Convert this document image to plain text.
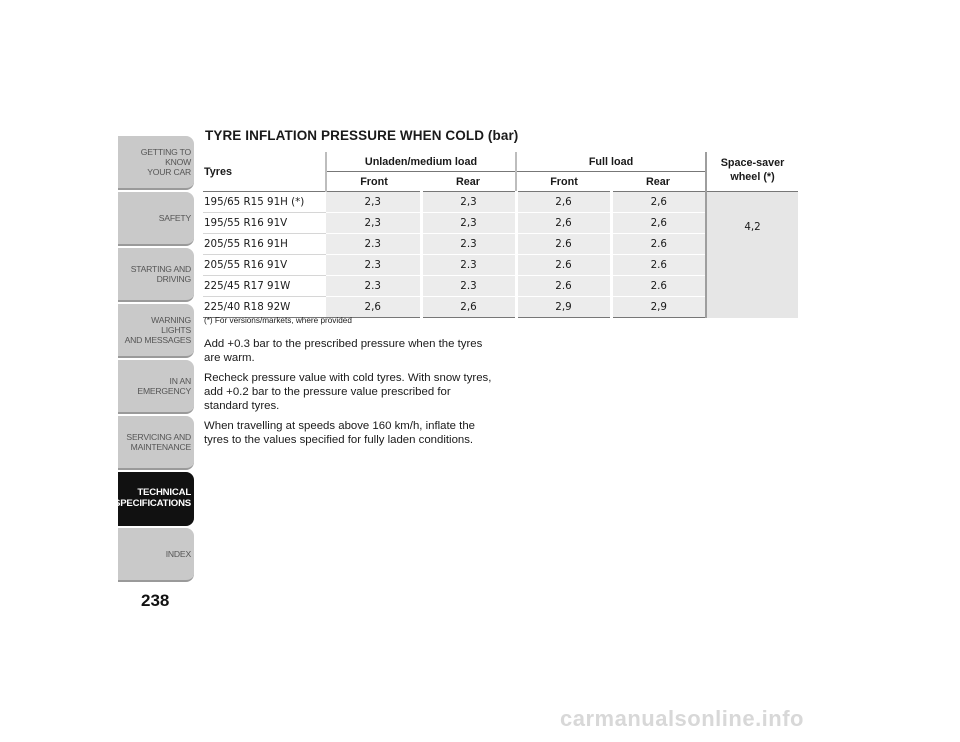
GETTING TO KNOW
YOUR CAR
SAFETY
STARTING AND
DRIVING
WARNING LIGHTS
AND MESSAGES
IN AN EMERGENCY
SERVICING AND
MAINTENANCE
TECHNICAL
SPECIFICATIONS
INDEX
238
TYRE INFLATION PRESSURE WHEN COLD (bar)
Tyres	Unladen/medium load		Full load		Space-saver wheel (*)
	Front	Rear	Front	Rear	
195/65 R15 91H (*)	2,3	2,3	2,6	2,6	4,2
195/55 R16 91V	2,3	2,3	2,6	2,6	
205/55 R16 91H	2.3	2.3	2.6	2.6	
205/55 R16 91V	2.3	2.3	2.6	2.6	
225/45 R17 91W	2.3	2.3	2.6	2.6	
225/40 R18 92W	2,6	2,6	2,9	2,9	
(*) For versions/markets, where provided

Add +0.3 bar to the prescribed pressure when the tyres are warm.

Recheck pressure value with cold tyres. With snow tyres, add +0.2 bar to the pressure value prescribed for standard tyres.

When travelling at speeds above 160 km/h, inflate the tyres to the values specified for fully laden conditions.

carmanualsonline.info
